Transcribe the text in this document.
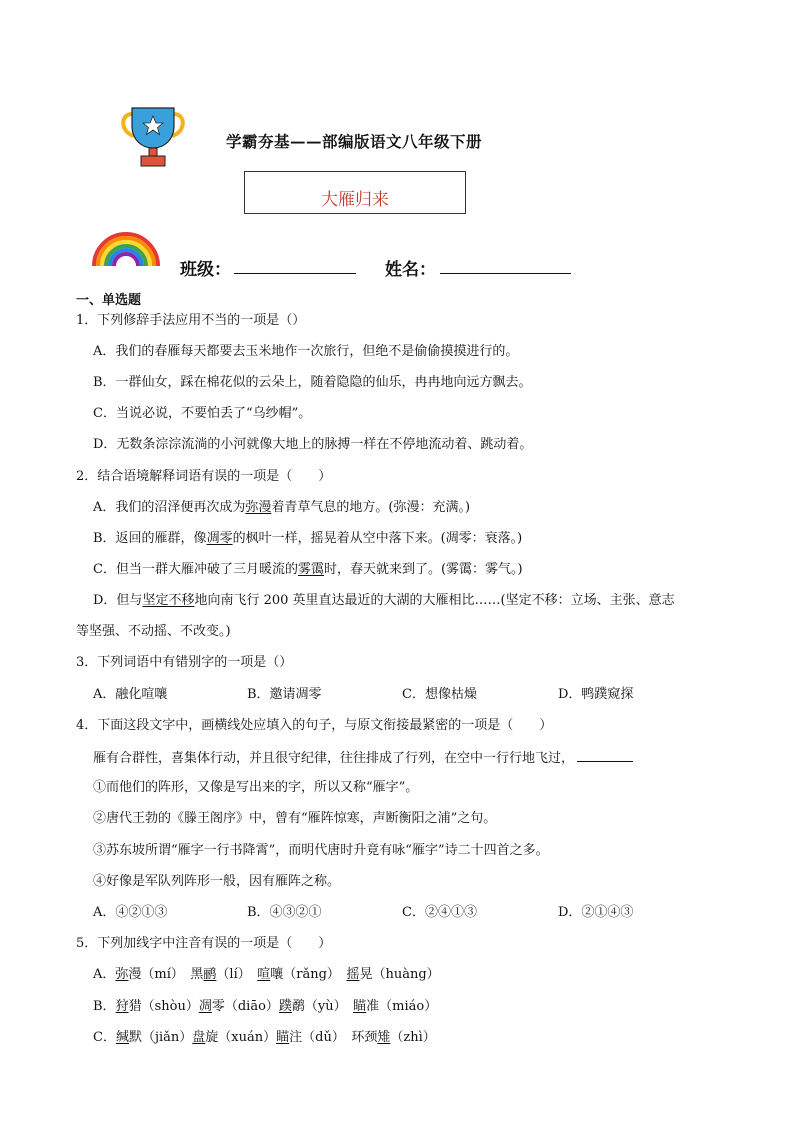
学霸夯基——部编版语文八年级下册
大雁归来
班级：	姓名：
一、单选题
1．下列修辞手法应用不当的一项是（）
A．我们的春雁每天都要去玉米地作一次旅行，但绝不是偷偷摸摸进行的。
B．一群仙女，踩在棉花似的云朵上，随着隐隐的仙乐，冉冉地向远方飘去。
C．当说必说，不要怕丢了“乌纱帽”。
D．无数条淙淙流淌的小河就像大地上的脉搏一样在不停地流动着、跳动着。
2．结合语境解释词语有误的一项是（　　）
A．我们的沼泽便再次成为弥漫着青草气息的地方。(弥漫：充满。)
B．返回的雁群，像凋零的枫叶一样，摇晃着从空中落下来。(凋零：衰落。)
C．但当一群大雁冲破了三月暖流的雾霭时，春天就来到了。(雾霭：雾气。)
D．但与坚定不移地向南飞行 200 英里直达最近的大湖的大雁相比……(坚定不移：立场、主张、意志
等坚强、不动摇、不改变。)
3．下列词语中有错别字的一项是（）
A．融化喧嚷	B．邀请凋零	C．想像枯燥	D．鸭蹼窥探
4．下面这段文字中，画横线处应填入的句子，与原文衔接最紧密的一项是（　　）
雁有合群性，喜集体行动，并且很守纪律，往往排成了行列，在空中一行行地飞过，
①而他们的阵形，又像是写出来的字，所以又称“雁字”。
②唐代王勃的《滕王阁序》中，曾有“雁阵惊寒，声断衡阳之浦”之句。
③苏东坡所谓“雁字一行书降霄”，而明代唐时升竟有咏“雁字”诗二十四首之多。
④好像是军队列阵形一般，因有雁阵之称。
A．④②①③	B．④③②①	C．②④①③	D．②①④③
5．下列加线字中注音有误的一项是（　　）
A．弥漫（mí）　黑鹂（lí）　喧嚷（rǎng）　摇晃（huàng）
B．狩猎（shòu）凋零（diāo）蹼鹬（yù）　瞄准（miáo）
C．缄默（jiǎn）盘旋（xuán）瞄注（dǔ）　环颈雉（zhì）
